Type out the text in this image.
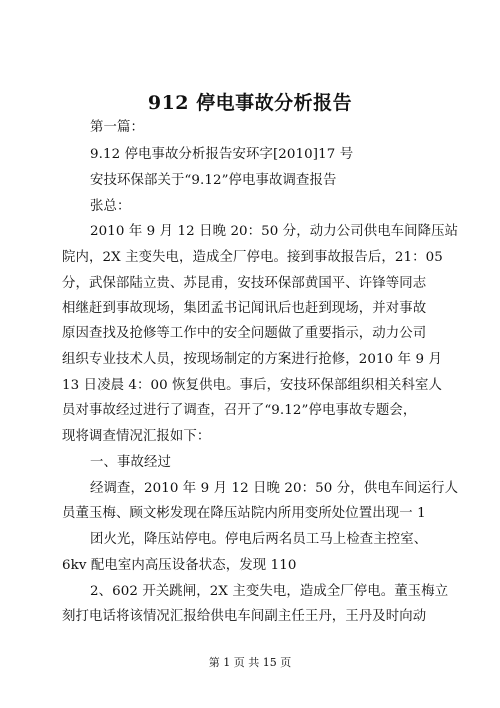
912 停电事故分析报告
第一篇：
9.12 停电事故分析报告安环字[2010]17 号
安技环保部关于“9.12”停电事故调查报告
张总：
2010 年 9 月 12 日晚 20：50 分，动力公司供电车间降压站
院内，2X 主变失电，造成全厂停电。接到事故报告后，21：05
分，武保部陆立贵、苏昆甫，安技环保部黄国平、许锋等同志
相继赶到事故现场，集团孟书记闻讯后也赶到现场，并对事故
原因查找及抢修等工作中的安全问题做了重要指示，动力公司
组织专业技术人员，按现场制定的方案进行抢修，2010 年 9 月
13 日凌晨 4：00 恢复供电。事后，安技环保部组织相关科室人
员对事故经过进行了调查，召开了“9.12”停电事故专题会，
现将调查情况汇报如下：
一、事故经过
经调查，2010 年 9 月 12 日晚 20：50 分，供电车间运行人
员董玉梅、顾文彬发现在降压站院内所用变所处位置出现一 1
团火光，降压站停电。停电后两名员工马上检查主控室、
6kv 配电室内高压设备状态，发现 110
2、602 开关跳闸，2X 主变失电，造成全厂停电。董玉梅立
刻打电话将该情况汇报给供电车间副主任王丹，王丹及时向动
第 1 页 共 15 页
